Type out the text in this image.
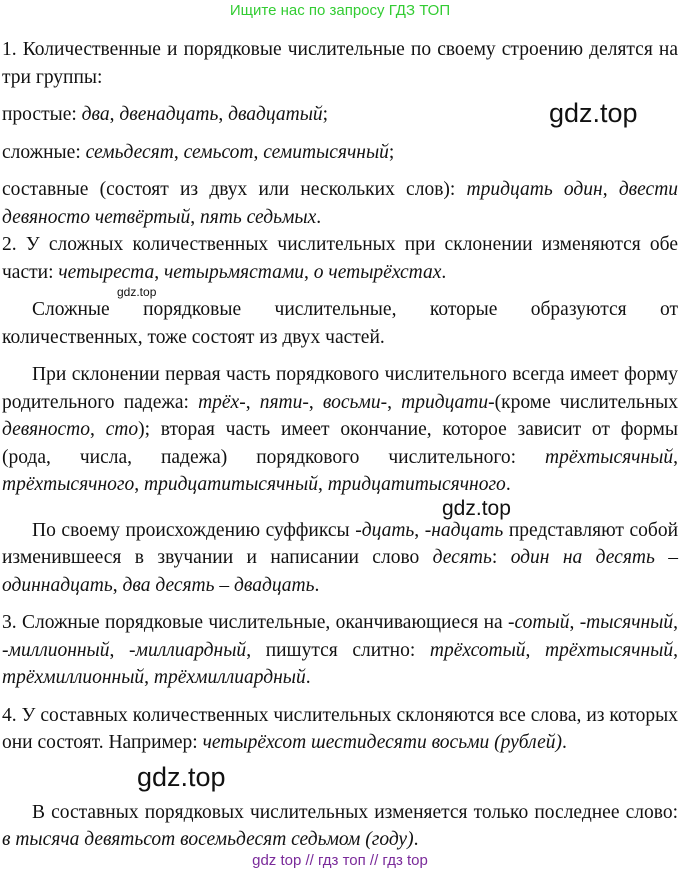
Ищите нас по запросу ГДЗ ТОП

1. Количественные и порядковые числительные по своему строению делятся на три группы:

простые: два, двенадцать, двадцатый;

сложные: семьдесят, семьсот, семитысячный;

составные (состоят из двух или нескольких слов): тридцать один, двести девяносто четвёртый, пять седьмых.

2. У сложных количественных числительных при склонении изменяются обе части: четыреста, четырьмястами, о четырёхстах.

Сложные порядковые числительные, которые образуются от количественных, тоже состоят из двух частей.

При склонении первая часть порядкового числительного всегда имеет форму родительного падежа: трёх-, пяти-, восьми-, тридцати-(кроме числительных девяносто, сто); вторая часть имеет окончание, которое зависит от формы (рода, числа, падежа) порядкового числительного: трёхтысячный, трёхтысячного, тридцатитысячный, тридцатитысячного.

По своему происхождению суффиксы -дцать, -надцать представляют собой изменившееся в звучании и написании слово десять: один на десять – одиннадцать, два десять – двадцать.

3. Сложные порядковые числительные, оканчивающиеся на -сотый, -тысячный, -миллионный, -миллиардный, пишутся слитно: трёхсотый, трёхтысячный, трёхмиллионный, трёхмиллиардный.

4. У составных количественных числительных склоняются все слова, из которых они состоят. Например: четырёхсот шестидесяти восьми (рублей).

В составных порядковых числительных изменяется только последнее слово: в тысяча девятьсот восемьдесят седьмом (году).

gdz.top
gdz.top
gdz.top
gdz.top
gdz top // гдз топ // гдз top
